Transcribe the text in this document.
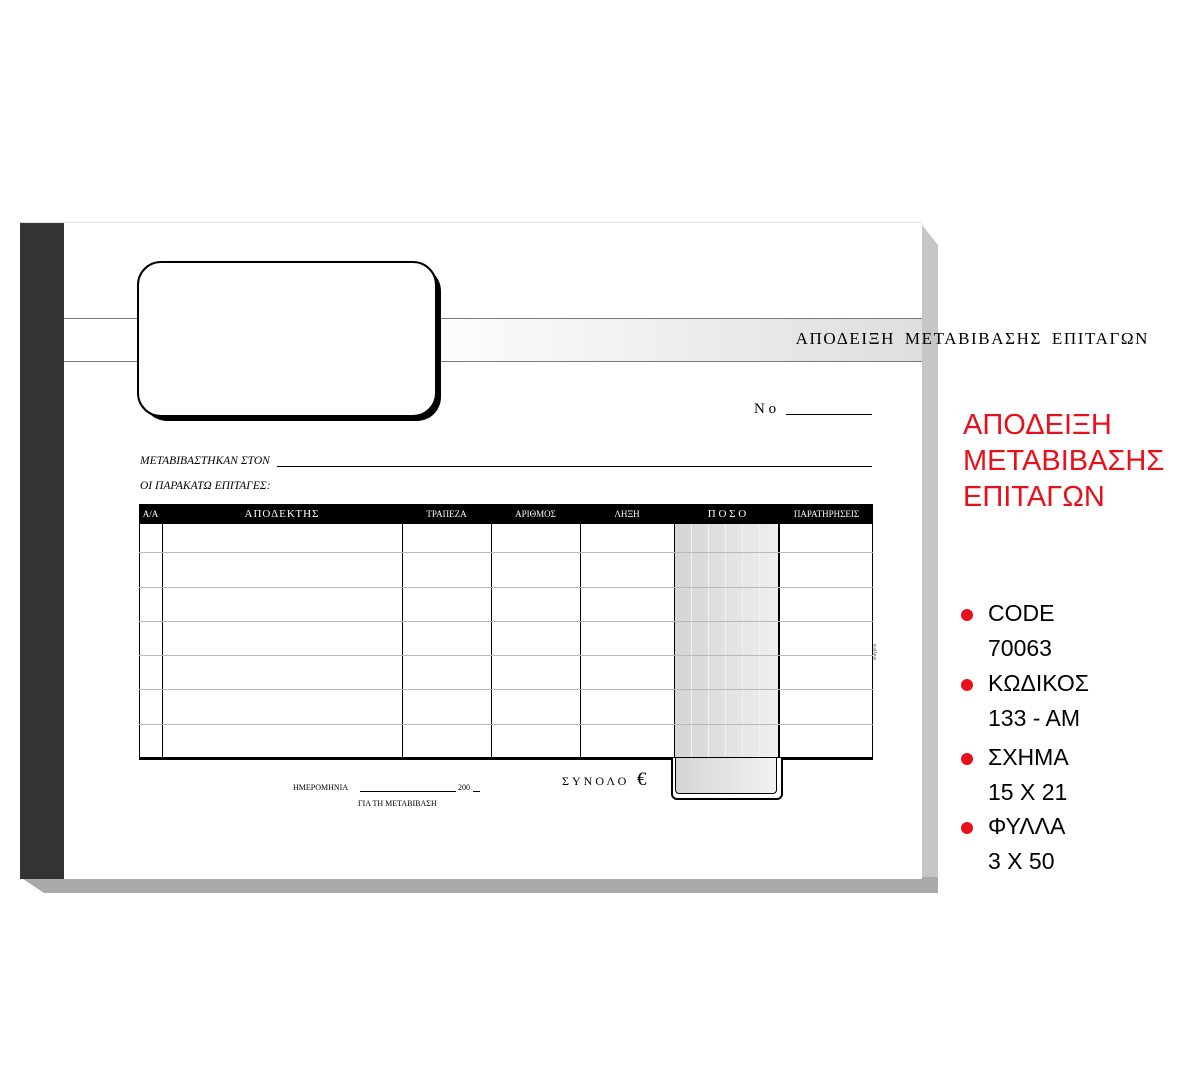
ΑΠΟΔΕΙΞΗ ΜΕΤΑΒΙΒΑΣΗΣ ΕΠΙΤΑΓΩΝ
Ν ο
ΜΕΤΑΒΙΒΑΣΤΗΚΑΝ ΣΤΟΝ
ΟΙ ΠΑΡΑΚΑΤΩ ΕΠΙΤΑΓΕΣ:
Α/Α	ΑΠΟΔΕΚΤΗΣ	ΤΡΑΠΕΖΑ	ΑΡΙΘΜΟΣ	ΛΗΞΗ	Π Ο Σ Ο	ΠΑΡΑΤΗΡΗΣΕΙΣ
ΣΥΝΟΛΟ €
ΗΜΕΡΟΜΗΝΙΑ	200
ΓΙΑ ΤΗ ΜΕΤΑΒΙΒΑΣΗ
entypon
ΑΠΟΔΕΙΞΗ
ΜΕΤΑΒΙΒΑΣΗΣ
ΕΠΙΤΑΓΩΝ
CODE
70063
ΚΩΔΙΚΟΣ
133 - AM
ΣΧΗΜΑ
15 X 21
ΦΥΛΛΑ
3 X 50
